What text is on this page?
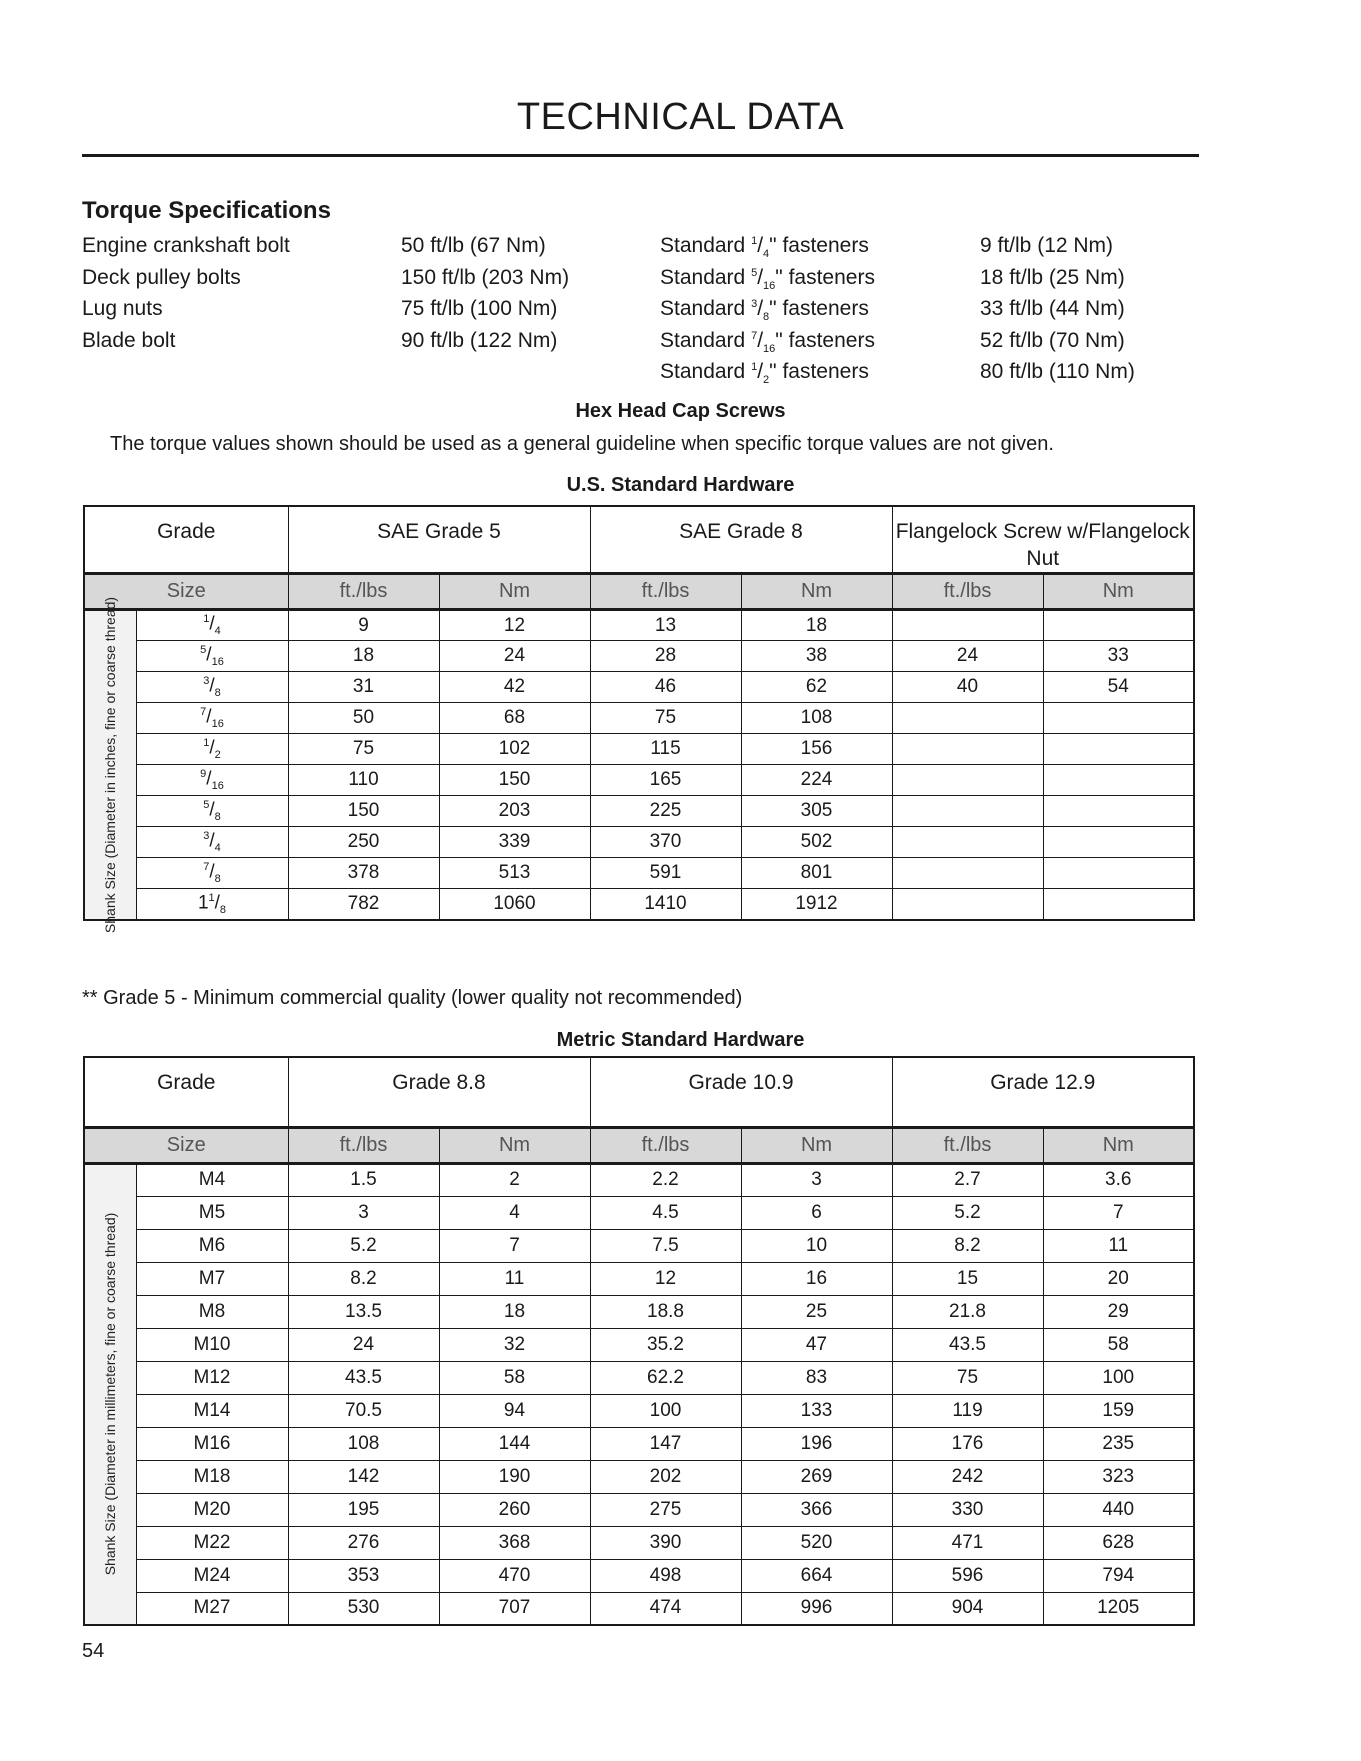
TECHNICAL DATA
Torque Specifications
Engine crankshaft bolt	50 ft/lb (67 Nm)
Deck pulley bolts	150 ft/lb (203 Nm)
Lug nuts	75 ft/lb (100 Nm)
Blade bolt	90 ft/lb (122 Nm)
Standard $^1/_4$" fasteners	9 ft/lb (12 Nm)
Standard $^5/_{16}$" fasteners	18 ft/lb (25 Nm)
Standard $^3/_8$" fasteners	33 ft/lb (44 Nm)
Standard $^7/_{16}$" fasteners	52 ft/lb (70 Nm)
Standard $^1/_2$" fasteners	80 ft/lb (110 Nm)
Hex Head Cap Screws
The torque values shown should be used as a general guideline when specific torque values are not given.
U.S. Standard Hardware
Grade		SAE Grade 5		SAE Grade 8		Flangelock Screw w/Flangelock Nut	
Size		ft./lbs	Nm	ft./lbs	Nm	ft./lbs	Nm

Shank Size (Diameter in inches, fine or coarse thread)	$^1/_4$	9	12	13	18		
	$^5/_{16}$	18	24	28	38	24	33
	$^3/_8$	31	42	46	62	40	54
	$^7/_{16}$	50	68	75	108		
	$^1/_2$	75	102	115	156		
	$^9/_{16}$	110	150	165	224		
	$^5/_8$	150	203	225	305		
	$^3/_4$	250	339	370	502		
	$^7/_8$	378	513	591	801		
	$1^1/_8$	782	1060	1410	1912		
** Grade 5 - Minimum commercial quality (lower quality not recommended)
Metric Standard Hardware
Grade		Grade 8.8		Grade 10.9		Grade 12.9	
Size		ft./lbs	Nm	ft./lbs	Nm	ft./lbs	Nm

Shank Size (Diameter in millimeters, fine or coarse thread)	M4	1.5	2	2.2	3	2.7	3.6
	M5	3	4	4.5	6	5.2	7
	M6	5.2	7	7.5	10	8.2	11
	M7	8.2	11	12	16	15	20
	M8	13.5	18	18.8	25	21.8	29
	M10	24	32	35.2	47	43.5	58
	M12	43.5	58	62.2	83	75	100
	M14	70.5	94	100	133	119	159
	M16	108	144	147	196	176	235
	M18	142	190	202	269	242	323
	M20	195	260	275	366	330	440
	M22	276	368	390	520	471	628
	M24	353	470	498	664	596	794
	M27	530	707	474	996	904	1205
54
